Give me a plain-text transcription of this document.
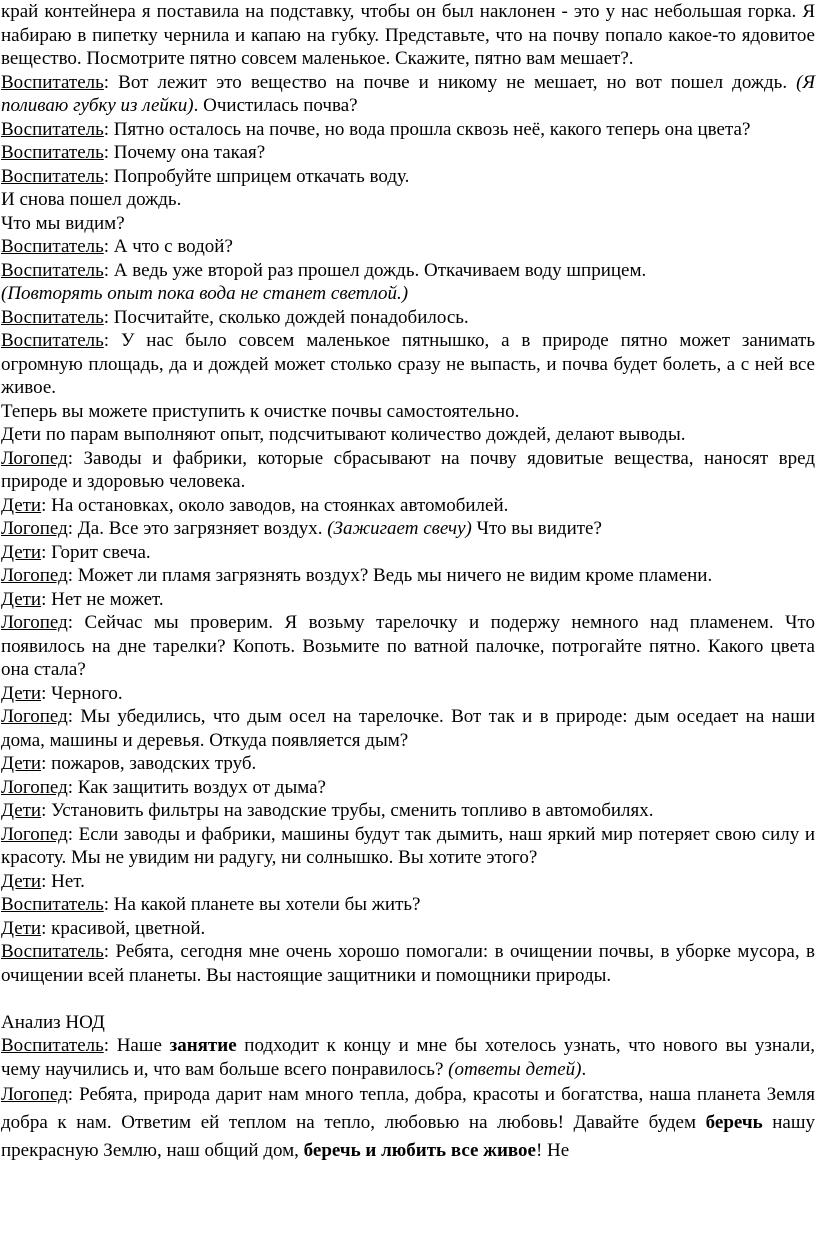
край контейнера я поставила на подставку, чтобы он был наклонен - это у нас небольшая горка. Я набираю в пипетку чернила и капаю на губку. Представьте, что на почву попало какое-то ядовитое вещество. Посмотрите пятно совсем маленькое. Скажите, пятно вам мешает?.

Воспитатель: Вот лежит это вещество на почве и никому не мешает, но вот пошел дождь. (Я поливаю губку из лейки). Очистилась почва?

Воспитатель: Пятно осталось на почве, но вода прошла сквозь неё, какого теперь она цвета?

Воспитатель: Почему она такая?

Воспитатель: Попробуйте шприцем откачать воду.

И снова пошел дождь.

Что мы видим?

Воспитатель: А что с водой?

Воспитатель: А ведь уже второй раз прошел дождь. Откачиваем воду шприцем.

(Повторять опыт пока вода не станет светлой.)

Воспитатель: Посчитайте, сколько дождей понадобилось.

Воспитатель: У нас было совсем маленькое пятнышко, а в природе пятно может занимать огромную площадь, да и дождей может столько сразу не выпасть, и почва будет болеть, а с ней все живое.

Теперь вы можете приступить к очистке почвы самостоятельно.

Дети по парам выполняют опыт, подсчитывают количество дождей, делают выводы.

Логопед: Заводы и фабрики, которые сбрасывают на почву ядовитые вещества, наносят вред природе и здоровью человека.

Дети: На остановках, около заводов, на стоянках автомобилей.

Логопед: Да. Все это загрязняет воздух. (Зажигает свечу) Что вы видите?

Дети: Горит свеча.

Логопед: Может ли пламя загрязнять воздух? Ведь мы ничего не видим кроме пламени.

Дети: Нет не может.

Логопед: Сейчас мы проверим. Я возьму тарелочку и подержу немного над пламенем. Что появилось на дне тарелки? Копоть. Возьмите по ватной палочке, потрогайте пятно. Какого цвета она стала?

Дети: Черного.

Логопед: Мы убедились, что дым осел на тарелочке. Вот так и в природе: дым оседает на наши дома, машины и деревья. Откуда появляется дым?

Дети: пожаров, заводских труб.

Логопед: Как защитить воздух от дыма?

Дети: Установить фильтры на заводские трубы, сменить топливо в автомобилях.

Логопед: Если заводы и фабрики, машины будут так дымить, наш яркий мир потеряет свою силу и красоту. Мы не увидим ни радугу, ни солнышко. Вы хотите этого?

Дети: Нет.

Воспитатель: На какой планете вы хотели бы жить?

Дети: красивой, цветной.

Воспитатель: Ребята, сегодня мне очень хорошо помогали: в очищении почвы, в уборке мусора, в очищении всей планеты. Вы настоящие защитники и помощники природы.

Анализ НОД

Воспитатель: Наше занятие подходит к концу и мне бы хотелось узнать, что нового вы узнали, чему научились и, что вам больше всего понравилось? (ответы детей).

Логопед: Ребята, природа дарит нам много тепла, добра, красоты и богатства, наша планета Земля добра к нам. Ответим ей теплом на тепло, любовью на любовь! Давайте будем беречь нашу прекрасную Землю, наш общий дом, беречь и любить все живое! Не
